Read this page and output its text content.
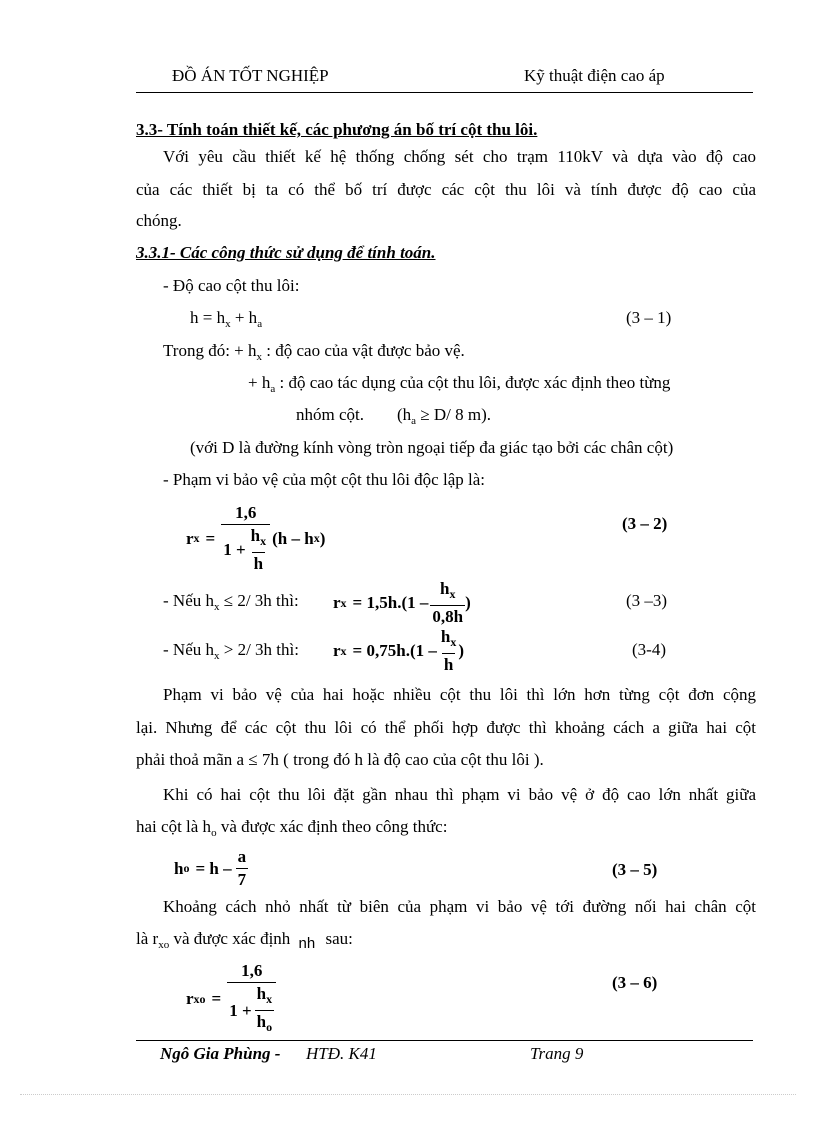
ĐỒ ÁN TỐT NGHIỆP	Kỹ thuật điện cao áp
3.3- Tính toán thiết kế, các phương án bố trí cột thu lôi.
Với yêu cầu thiết kế hệ thống chống sét cho trạm 110kV và dựa vào độ cao
của các thiết bị ta có thể bố trí được các cột thu lôi và tính được độ cao của
chóng.
3.3.1- Các công thức sử dụng để tính toán.
- Độ cao cột thu lôi:
$h = h_x + h_a$	(3 – 1)
Trong đó: + $h_x$ : độ cao của vật được bảo vệ.
+ $h_a$ : độ cao tác dụng của cột thu lôi, được xác định theo từng
nhóm cột. ($h_a \ge D/$ 8 m).
(với D là đường kính vòng tròn ngoại tiếp đa giác tạo bởi các chân cột)
- Phạm vi bảo vệ của một cột thu lôi độc lập là:
r $x = \frac{1,6}{1 + \frac{h_x}{h}} (h - h$ x )
(3 – 2)
- Nếu $h_x \le 2/$ 3h thì: r $x = 1,5h.(1 - \frac{h_x}{0,8h}$ )	(3 –3)
- Nếu $h_x > 2/$ 3h thì: r $x = 0,75h.(1 - \frac{h_x}{h}$ )	(3-4)
Phạm vi bảo vệ của hai hoặc nhiều cột thu lôi thì lớn hơn từng cột đơn cộng
lại. Nhưng để các cột thu lôi có thể phối hợp được thì khoảng cách a giữa hai cột
phải thoả mãn a ≤ 7h ( trong đó h là độ cao của cột thu lôi ).
Khi có hai cột thu lôi đặt gần nhau thì phạm vi bảo vệ ở độ cao lớn nhất giữa
hai cột là $h_o$ và được xác định theo công thức:
h $o = h - \frac{a}{7}$	(3 – 5)
Khoảng cách nhỏ nhất từ biên của phạm vi bảo vệ tới đường nối hai chân cột
là $r_{xo}$ và được xác định nh sau:
r xo = $\frac{1,6}{1 + \frac{h_x}{h_o}}$	(3 – 6)
Ngô Gia Phùng - HTĐ. K41	Trang 9
